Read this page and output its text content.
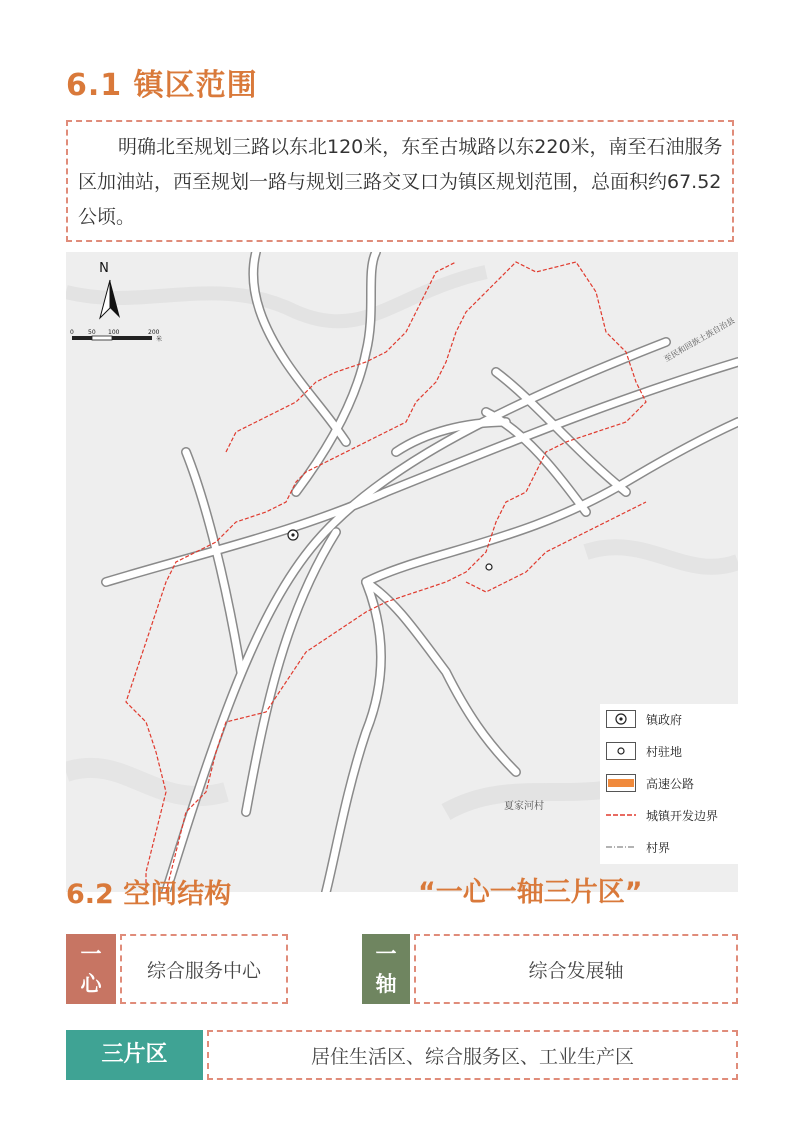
6.1 镇区范围

明确北至规划三路以东北120米，东至古城路以东220米，南至石油服务区加油站，西至规划一路与规划三路交叉口为镇区规划范围，总面积约67.52公顷。

至民和回族土族自治县
夏家河村
N
0 50 100	200
米
镇政府
村驻地
高速公路
城镇开发边界
村界
6.2 空间结构	“一心一轴三片区”
一
心
综合服务中心
一
轴
综合发展轴
三片区	居住生活区、综合服务区、工业生产区
